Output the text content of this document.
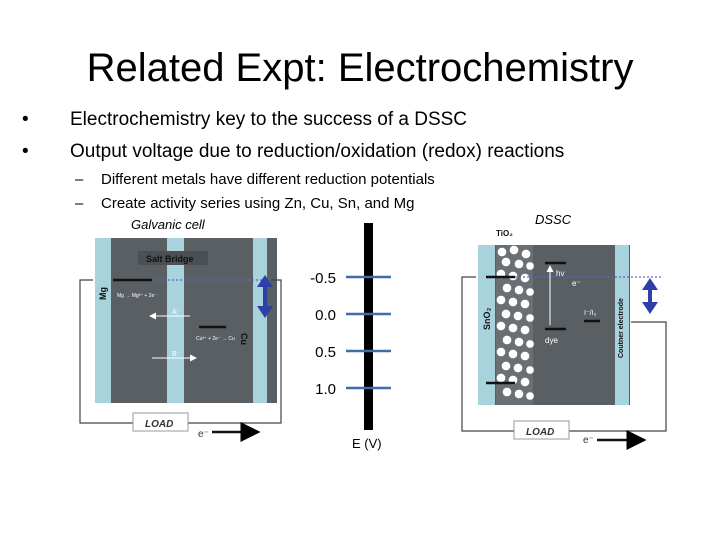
Related Expt: Electrochemistry
• Electrochemistry key to the success of a DSSC
• Output voltage due to reduction/oxidation (redox) reactions
– Different metals have different reduction potentials
– Create activity series using Zn, Cu, Sn, and Mg
Galvanic cell	DSSC
Salt Bridge
Mg
Cu
Mg → Mg²⁺ + 2e⁻
Cu²⁺ + 2e⁻ → Cu
A⁻
B⁻
LOAD
e⁻
-0.5
0.0
0.5
1.0
E (V)
TiO₂
SnO₂	Coutner electrode
hv
e⁻
I⁻/I₃
dye
LOAD
e⁻
